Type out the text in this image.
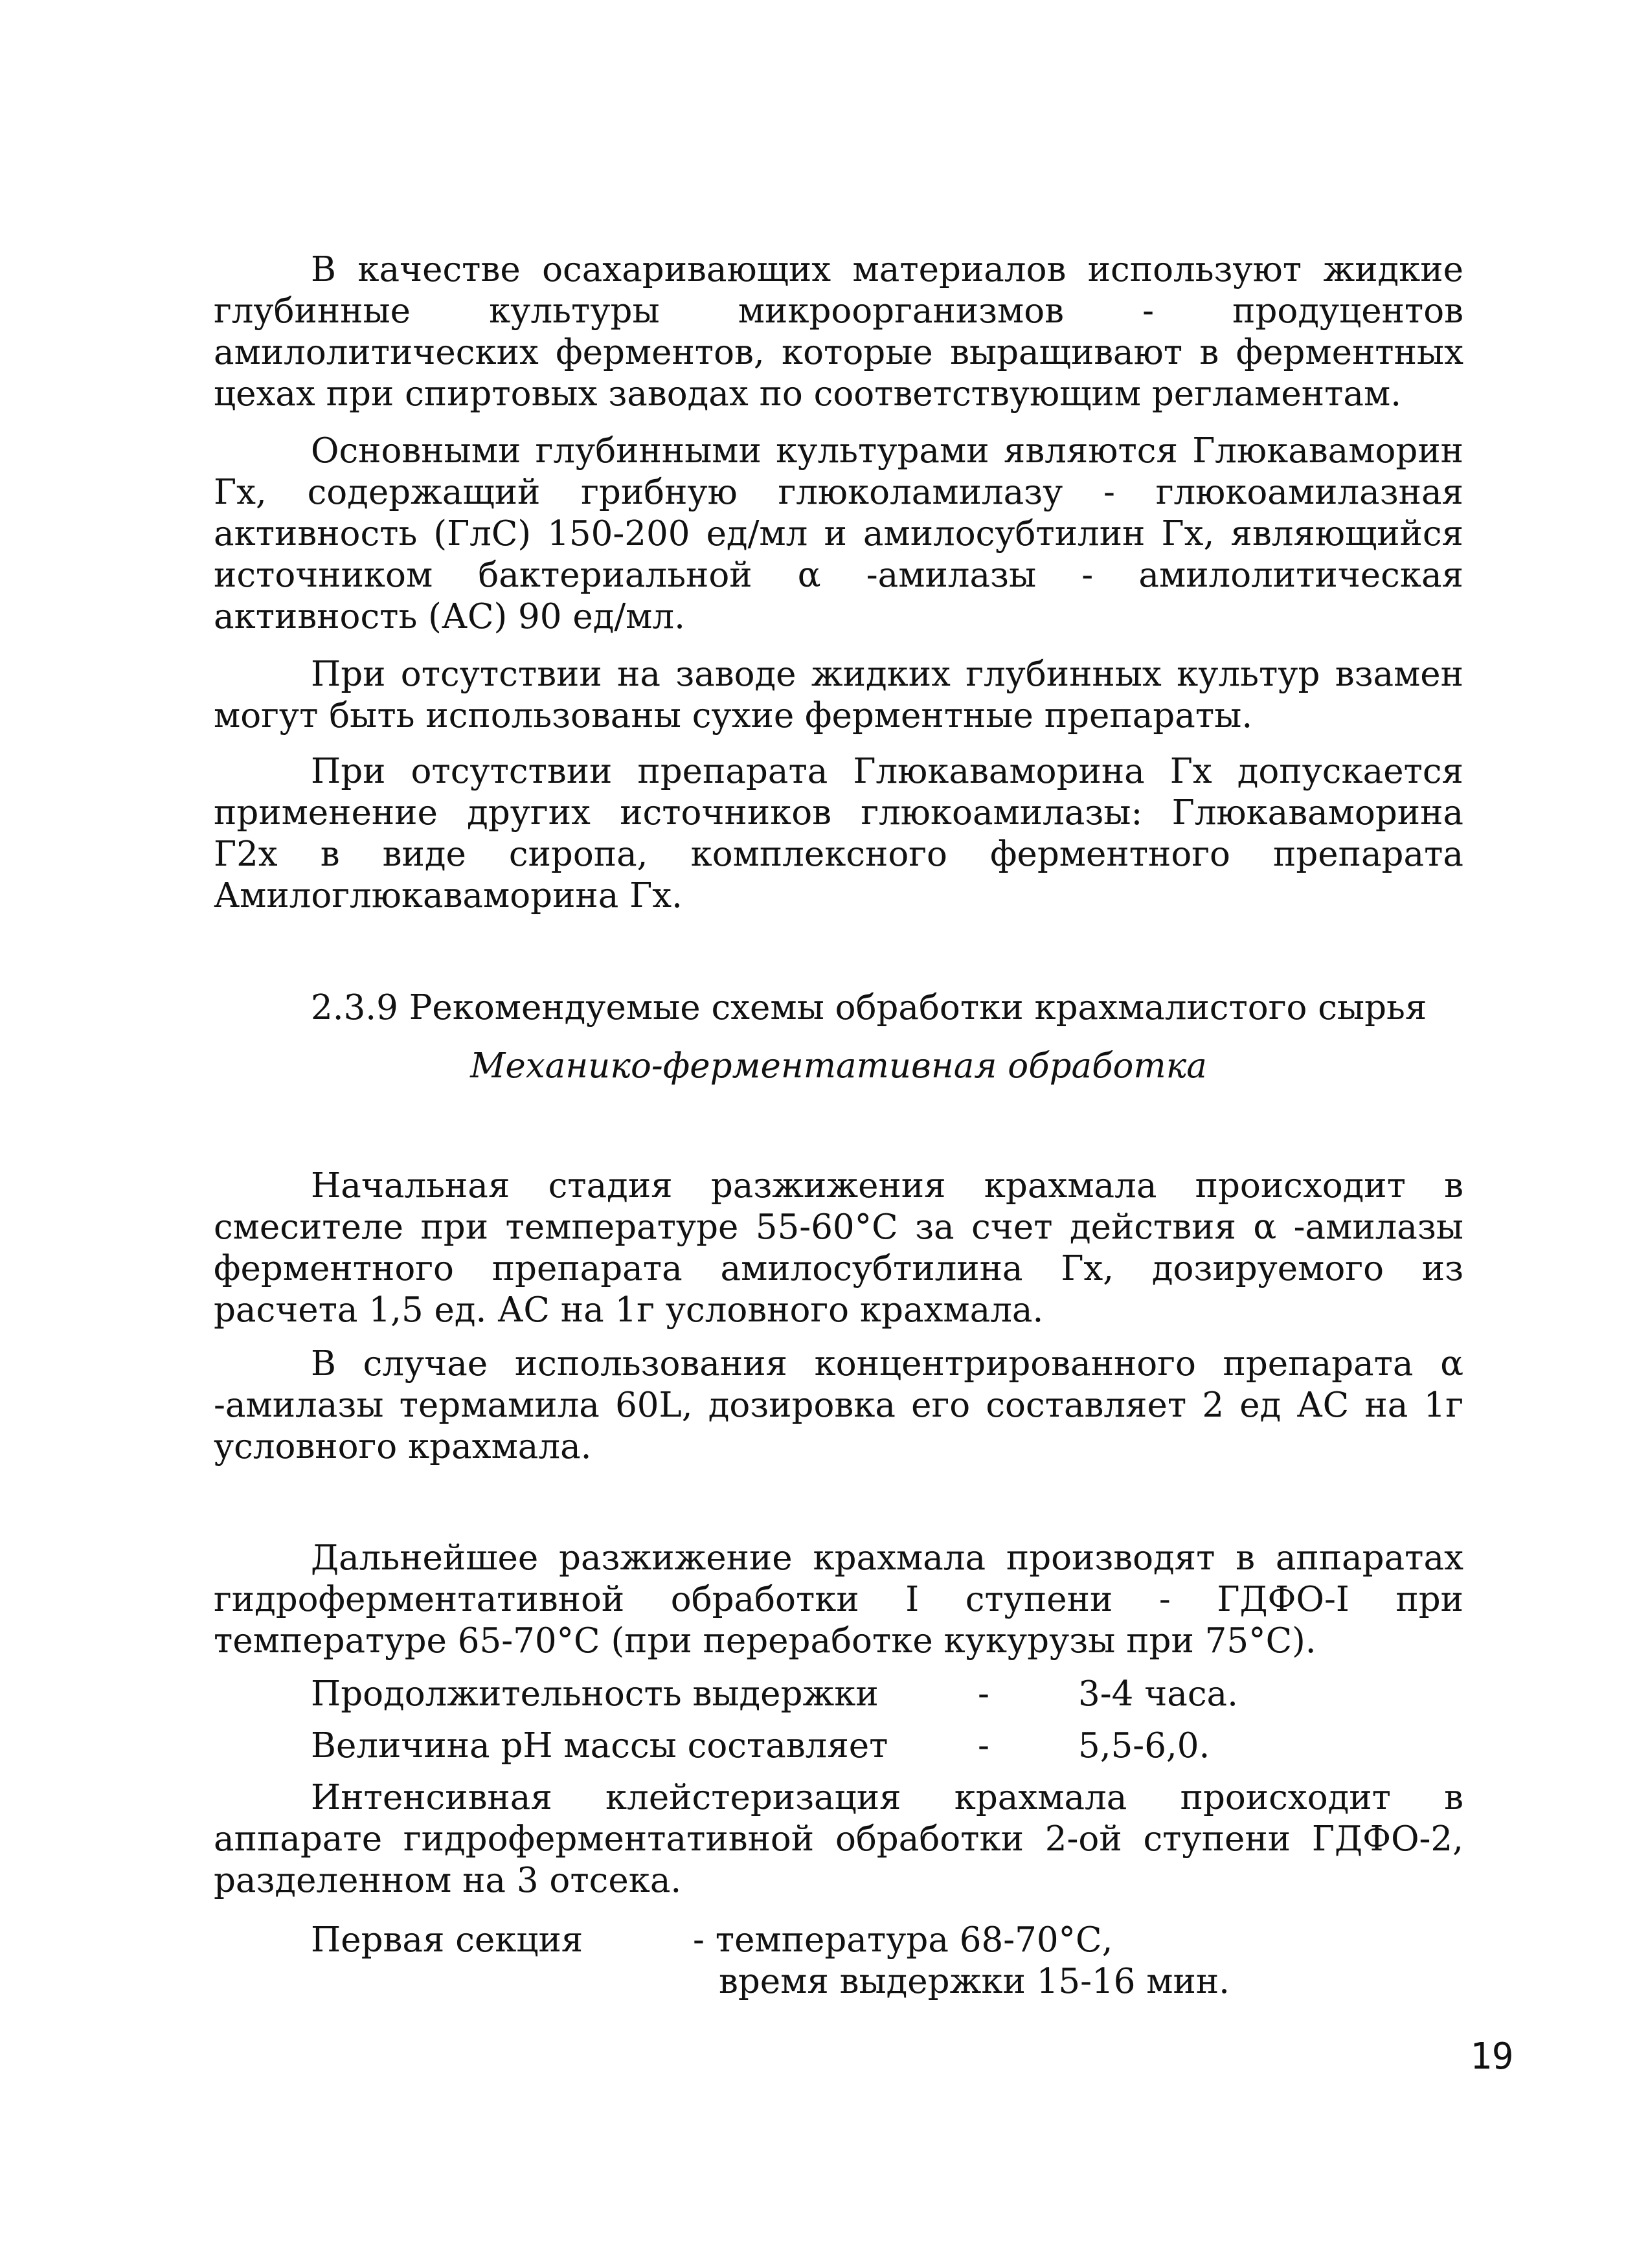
В качестве осахаривающих материалов используют жидкие глубинные культуры микроорганизмов - продуцентов амилолитических ферментов, которые выращивают в ферментных цехах при спиртовых заводах по соответствующим регламентам.

Основными глубинными культурами являются Глюкаваморин Гх, содержащий грибную глюколамилазу - глюкоамилазная активность (ГлС) 150-200 ед/мл и амилосубтилин Гх, являющийся источником бактериальной α -амилазы - амилолитическая активность (АС) 90 ед/мл.

При отсутствии на заводе жидких глубинных культур взамен могут быть использованы сухие ферментные препараты.

При отсутствии препарата Глюкаваморина Гх допускается применение других источников глюкоамилазы: Глюкаваморина Г2х в виде сиропа, комплексного ферментного препарата Амилоглюкаваморина Гх.

2.3.9 Рекомендуемые схемы обработки крахмалистого сырья

Механико-ферментативная обработка

Начальная стадия разжижения крахмала происходит в смесителе при температуре 55-60°С за счет действия α -амилазы ферментного препарата амилосубтилина Гх, дозируемого из расчета 1,5 ед. АС на 1г условного крахмала.

В случае использования концентрированного препарата α -амилазы термамила 60L, дозировка его составляет 2 ед АС на 1г условного крахмала.

Дальнейшее разжижение крахмала производят в аппаратах гидроферментативной обработки I ступени - ГДФО-I при температуре 65-70°С (при переработке кукурузы при 75°С).

Продолжительность выдержки	-	3-4 часа.
Величина рН массы составляет	-	5,5-6,0.

Интенсивная клейстеризация крахмала происходит в аппарате гидроферментативной обработки 2-ой ступени ГДФО-2, разделенном на 3 отсека.

Первая секция	- температура 68-70°С,
время выдержки 15-16 мин.
19
